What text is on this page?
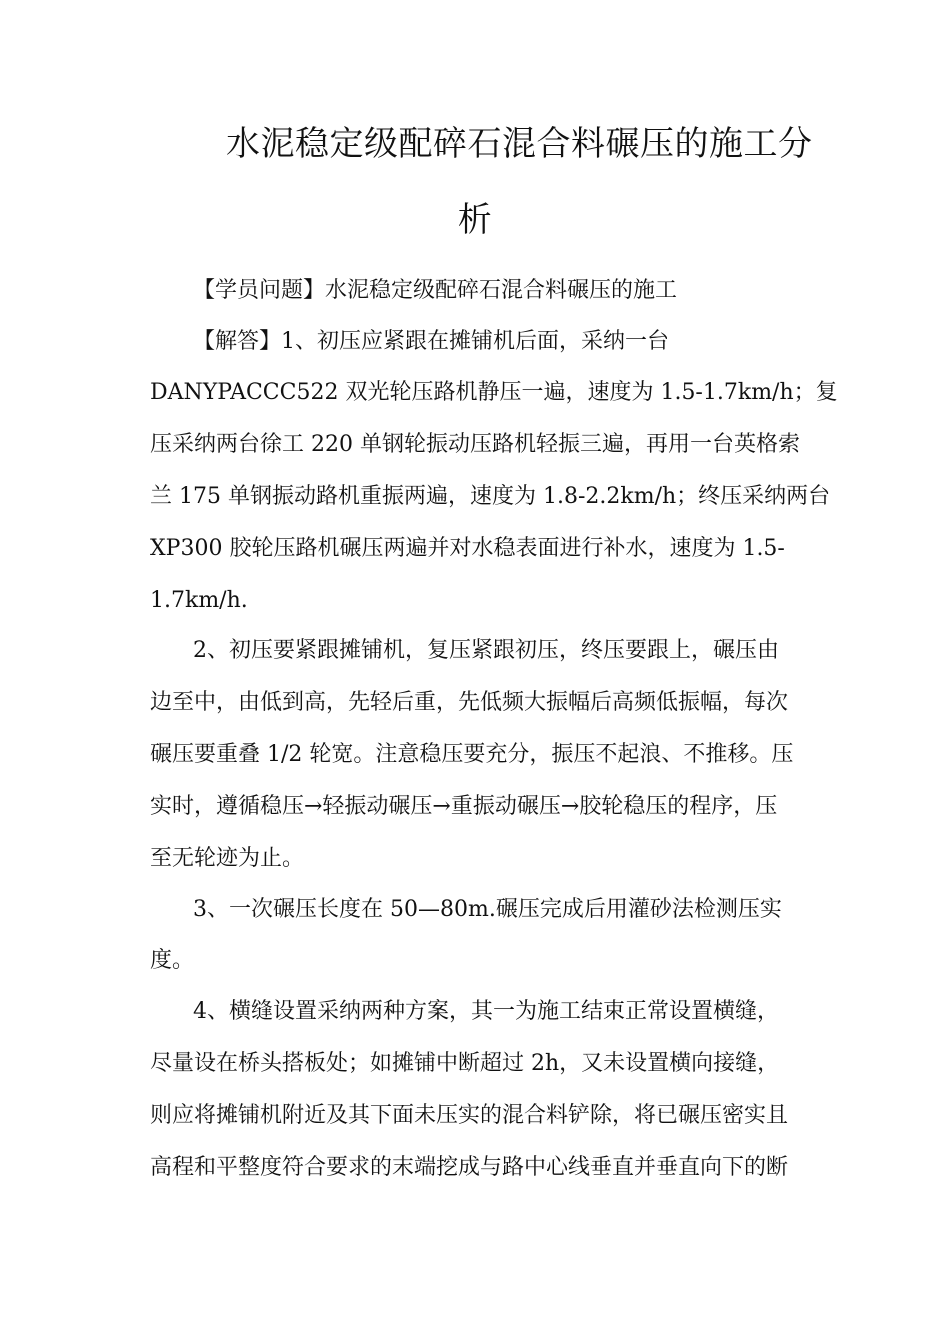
水泥稳定级配碎石混合料碾压的施工分
析
【学员问题】水泥稳定级配碎石混合料碾压的施工
【解答】1、初压应紧跟在摊铺机后面，采纳一台
DANYPACCC522 双光轮压路机静压一遍，速度为 1.5-1.7km/h；复
压采纳两台徐工 220 单钢轮振动压路机轻振三遍，再用一台英格索
兰 175 单钢振动路机重振两遍，速度为 1.8-2.2km/h；终压采纳两台
XP300 胶轮压路机碾压两遍并对水稳表面进行补水，速度为 1.5-
1.7km/h.
2、初压要紧跟摊铺机，复压紧跟初压，终压要跟上，碾压由
边至中，由低到高，先轻后重，先低频大振幅后高频低振幅，每次
碾压要重叠 1/2 轮宽。注意稳压要充分，振压不起浪、不推移。压
实时，遵循稳压→轻振动碾压→重振动碾压→胶轮稳压的程序，压
至无轮迹为止。
3、一次碾压长度在 50—80m.碾压完成后用灌砂法检测压实
度。
4、横缝设置采纳两种方案，其一为施工结束正常设置横缝，
尽量设在桥头搭板处；如摊铺中断超过 2h，又未设置横向接缝，
则应将摊铺机附近及其下面未压实的混合料铲除，将已碾压密实且
高程和平整度符合要求的末端挖成与路中心线垂直并垂直向下的断
